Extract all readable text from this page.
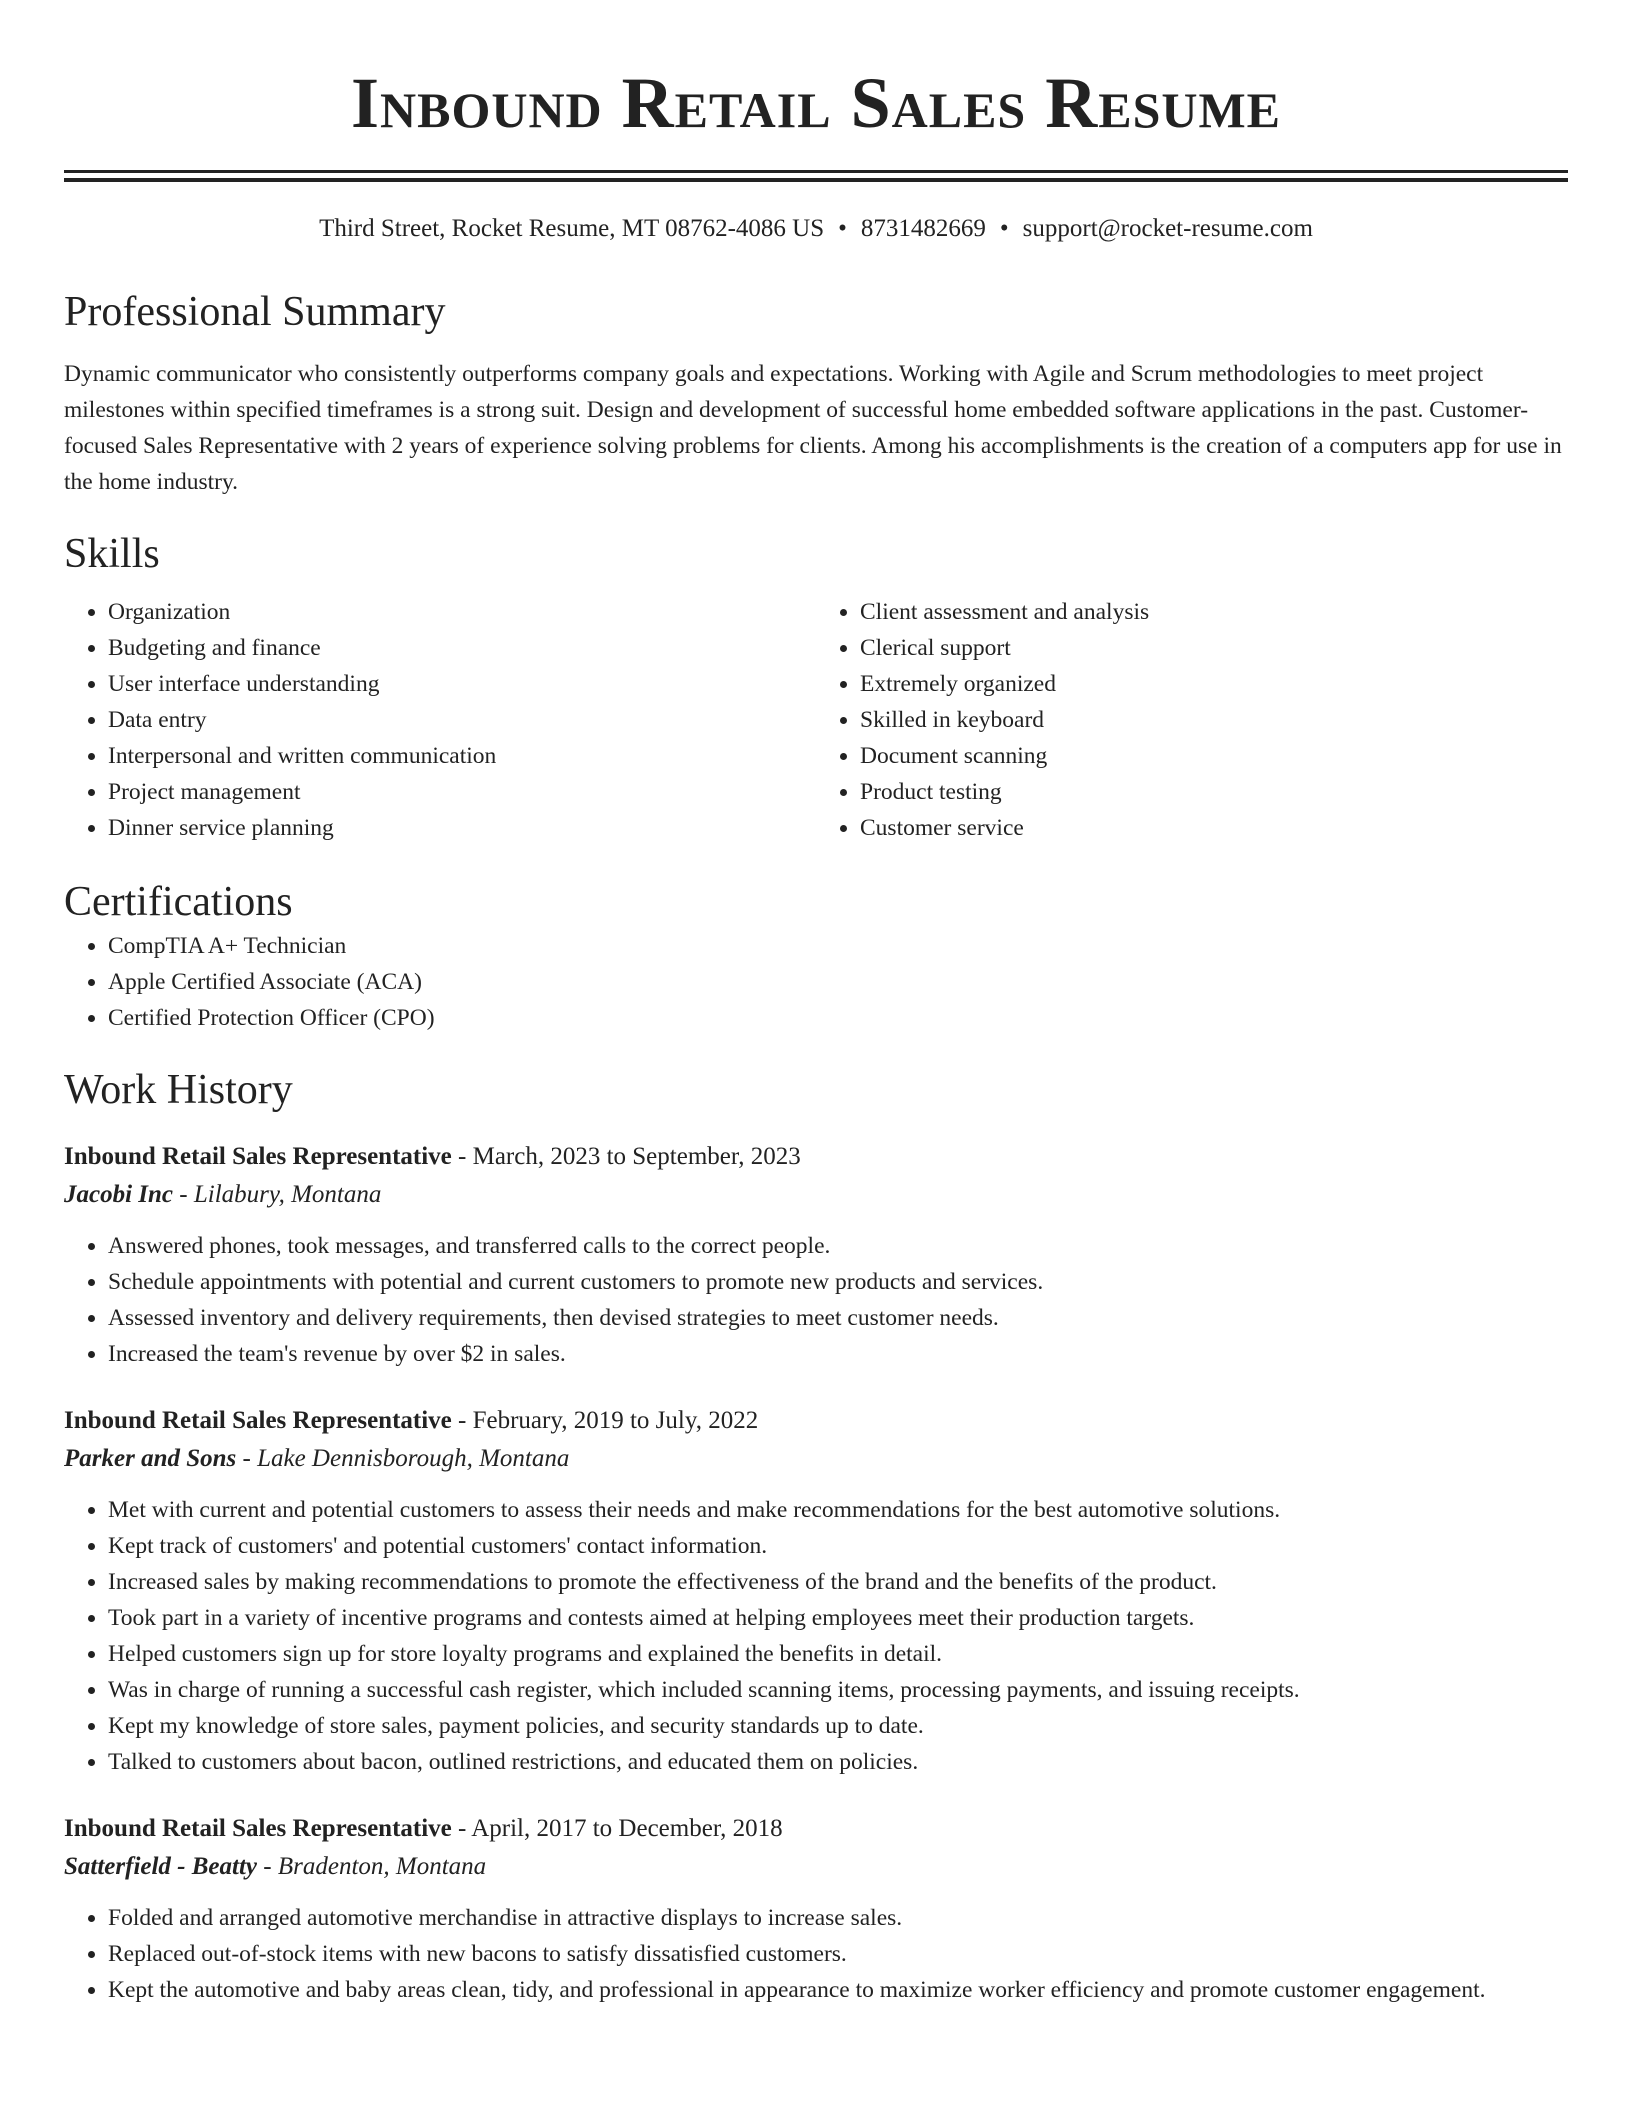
Inbound Retail Sales Resume
Third Street, Rocket Resume, MT 08762-4086 US • 8731482669 • support@rocket-resume.com
Professional Summary

Dynamic communicator who consistently outperforms company goals and expectations. Working with Agile and Scrum methodologies to meet project milestones within specified timeframes is a strong suit. Design and development of successful home embedded software applications in the past. Customer-focused Sales Representative with 2 years of experience solving problems for clients. Among his accomplishments is the creation of a computers app for use in the home industry.

Skills
• Organization
• Budgeting and finance
• User interface understanding
• Data entry
• Interpersonal and written communication
• Project management
• Dinner service planning
• Client assessment and analysis
• Clerical support
• Extremely organized
• Skilled in keyboard
• Document scanning
• Product testing
• Customer service
Certifications
• CompTIA A+ Technician
• Apple Certified Associate (ACA)
• Certified Protection Officer (CPO)
Work History
Inbound Retail Sales Representative - March, 2023 to September, 2023
Jacobi Inc - Lilabury, Montana
• Answered phones, took messages, and transferred calls to the correct people.
• Schedule appointments with potential and current customers to promote new products and services.
• Assessed inventory and delivery requirements, then devised strategies to meet customer needs.
• Increased the team's revenue by over $2 in sales.
Inbound Retail Sales Representative - February, 2019 to July, 2022
Parker and Sons - Lake Dennisborough, Montana
• Met with current and potential customers to assess their needs and make recommendations for the best automotive solutions.
• Kept track of customers' and potential customers' contact information.
• Increased sales by making recommendations to promote the effectiveness of the brand and the benefits of the product.
• Took part in a variety of incentive programs and contests aimed at helping employees meet their production targets.
• Helped customers sign up for store loyalty programs and explained the benefits in detail.
• Was in charge of running a successful cash register, which included scanning items, processing payments, and issuing receipts.
• Kept my knowledge of store sales, payment policies, and security standards up to date.
• Talked to customers about bacon, outlined restrictions, and educated them on policies.
Inbound Retail Sales Representative - April, 2017 to December, 2018
Satterfield - Beatty - Bradenton, Montana
• Folded and arranged automotive merchandise in attractive displays to increase sales.
• Replaced out-of-stock items with new bacons to satisfy dissatisfied customers.
• Kept the automotive and baby areas clean, tidy, and professional in appearance to maximize worker efficiency and promote customer engagement.
